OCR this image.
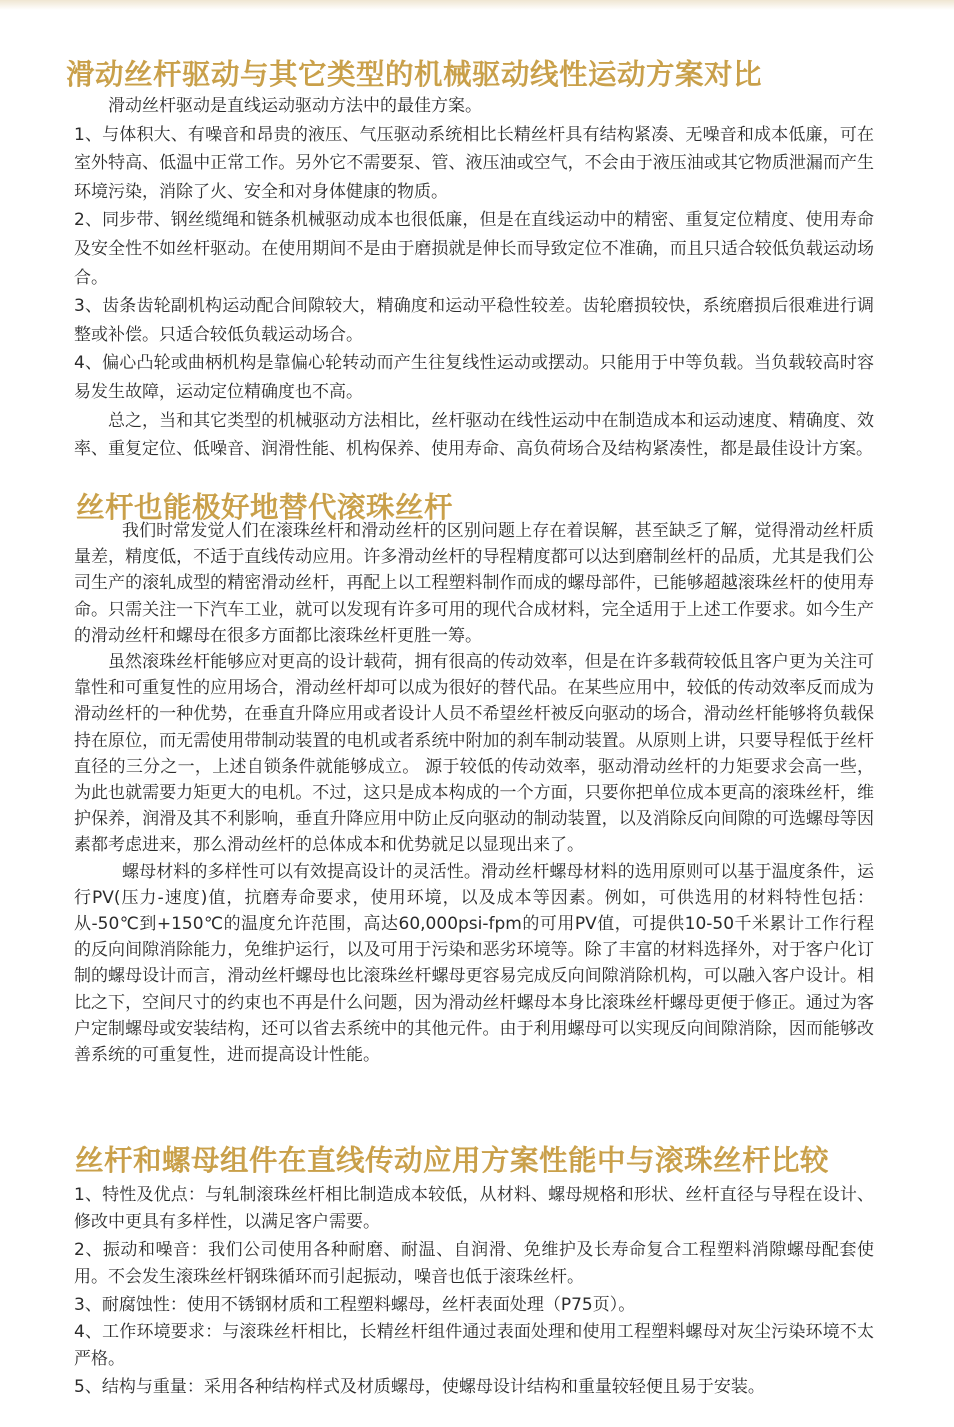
滑动丝杆驱动与其它类型的机械驱动线性运动方案对比

滑动丝杆驱动是直线运动驱动方法中的最佳方案。

1、与体积大、有噪音和昂贵的液压、气压驱动系统相比长精丝杆具有结构紧凑、无噪音和成本低廉，可在室外特高、低温中正常工作。另外它不需要泵、管、液压油或空气，不会由于液压油或其它物质泄漏而产生环境污染，消除了火、安全和对身体健康的物质。

2、同步带、钢丝缆绳和链条机械驱动成本也很低廉，但是在直线运动中的精密、重复定位精度、使用寿命及安全性不如丝杆驱动。在使用期间不是由于磨损就是伸长而导致定位不准确，而且只适合较低负载运动场合。

3、齿条齿轮副机构运动配合间隙较大，精确度和运动平稳性较差。齿轮磨损较快，系统磨损后很难进行调整或补偿。只适合较低负载运动场合。

4、偏心凸轮或曲柄机构是靠偏心轮转动而产生往复线性运动或摆动。只能用于中等负载。当负载较高时容易发生故障，运动定位精确度也不高。

总之，当和其它类型的机械驱动方法相比，丝杆驱动在线性运动中在制造成本和运动速度、精确度、效率、重复定位、低噪音、润滑性能、机构保养、使用寿命、高负荷场合及结构紧凑性，都是最佳设计方案。

丝杆也能极好地替代滚珠丝杆

我们时常发觉人们在滚珠丝杆和滑动丝杆的区别问题上存在着误解，甚至缺乏了解，觉得滑动丝杆质量差，精度低，不适于直线传动应用。许多滑动丝杆的导程精度都可以达到磨制丝杆的品质，尤其是我们公司生产的滚轧成型的精密滑动丝杆，再配上以工程塑料制作而成的螺母部件，已能够超越滚珠丝杆的使用寿命。只需关注一下汽车工业，就可以发现有许多可用的现代合成材料，完全适用于上述工作要求。如今生产的滑动丝杆和螺母在很多方面都比滚珠丝杆更胜一筹。

虽然滚珠丝杆能够应对更高的设计载荷，拥有很高的传动效率，但是在许多载荷较低且客户更为关注可靠性和可重复性的应用场合，滑动丝杆却可以成为很好的替代品。在某些应用中，较低的传动效率反而成为滑动丝杆的一种优势，在垂直升降应用或者设计人员不希望丝杆被反向驱动的场合，滑动丝杆能够将负载保持在原位，而无需使用带制动装置的电机或者系统中附加的刹车制动装置。从原则上讲，只要导程低于丝杆直径的三分之一，上述自锁条件就能够成立。 源于较低的传动效率，驱动滑动丝杆的力矩要求会高一些，为此也就需要力矩更大的电机。不过，这只是成本构成的一个方面，只要你把单位成本更高的滚珠丝杆，维护保养，润滑及其不利影响，垂直升降应用中防止反向驱动的制动装置，以及消除反向间隙的可选螺母等因素都考虑进来，那么滑动丝杆的总体成本和优势就足以显现出来了。

螺母材料的多样性可以有效提高设计的灵活性。滑动丝杆螺母材料的选用原则可以基于温度条件，运行PV(压力-速度)值，抗磨寿命要求，使用环境，以及成本等因素。例如，可供选用的材料特性包括：从-50℃到+150℃的温度允许范围，高达60,000psi-fpm的可用PV值，可提供10-50千米累计工作行程的反向间隙消除能力，免维护运行，以及可用于污染和恶劣环境等。除了丰富的材料选择外，对于客户化订制的螺母设计而言，滑动丝杆螺母也比滚珠丝杆螺母更容易完成反向间隙消除机构，可以融入客户设计。相比之下，空间尺寸的约束也不再是什么问题，因为滑动丝杆螺母本身比滚珠丝杆螺母更便于修正。通过为客户定制螺母或安装结构，还可以省去系统中的其他元件。由于利用螺母可以实现反向间隙消除，因而能够改善系统的可重复性，进而提高设计性能。

丝杆和螺母组件在直线传动应用方案性能中与滚珠丝杆比较

1、特性及优点：与轧制滚珠丝杆相比制造成本较低，从材料、螺母规格和形状、丝杆直径与导程在设计、修改中更具有多样性，以满足客户需要。

2、振动和噪音：我们公司使用各种耐磨、耐温、自润滑、免维护及长寿命复合工程塑料消隙螺母配套使用。不会发生滚珠丝杆钢珠循环而引起振动，噪音也低于滚珠丝杆。

3、耐腐蚀性：使用不锈钢材质和工程塑料螺母，丝杆表面处理（P75页）。

4、工作环境要求：与滚珠丝杆相比，长精丝杆组件通过表面处理和使用工程塑料螺母对灰尘污染环境不太严格。

5、结构与重量：采用各种结构样式及材质螺母，使螺母设计结构和重量较轻便且易于安装。
